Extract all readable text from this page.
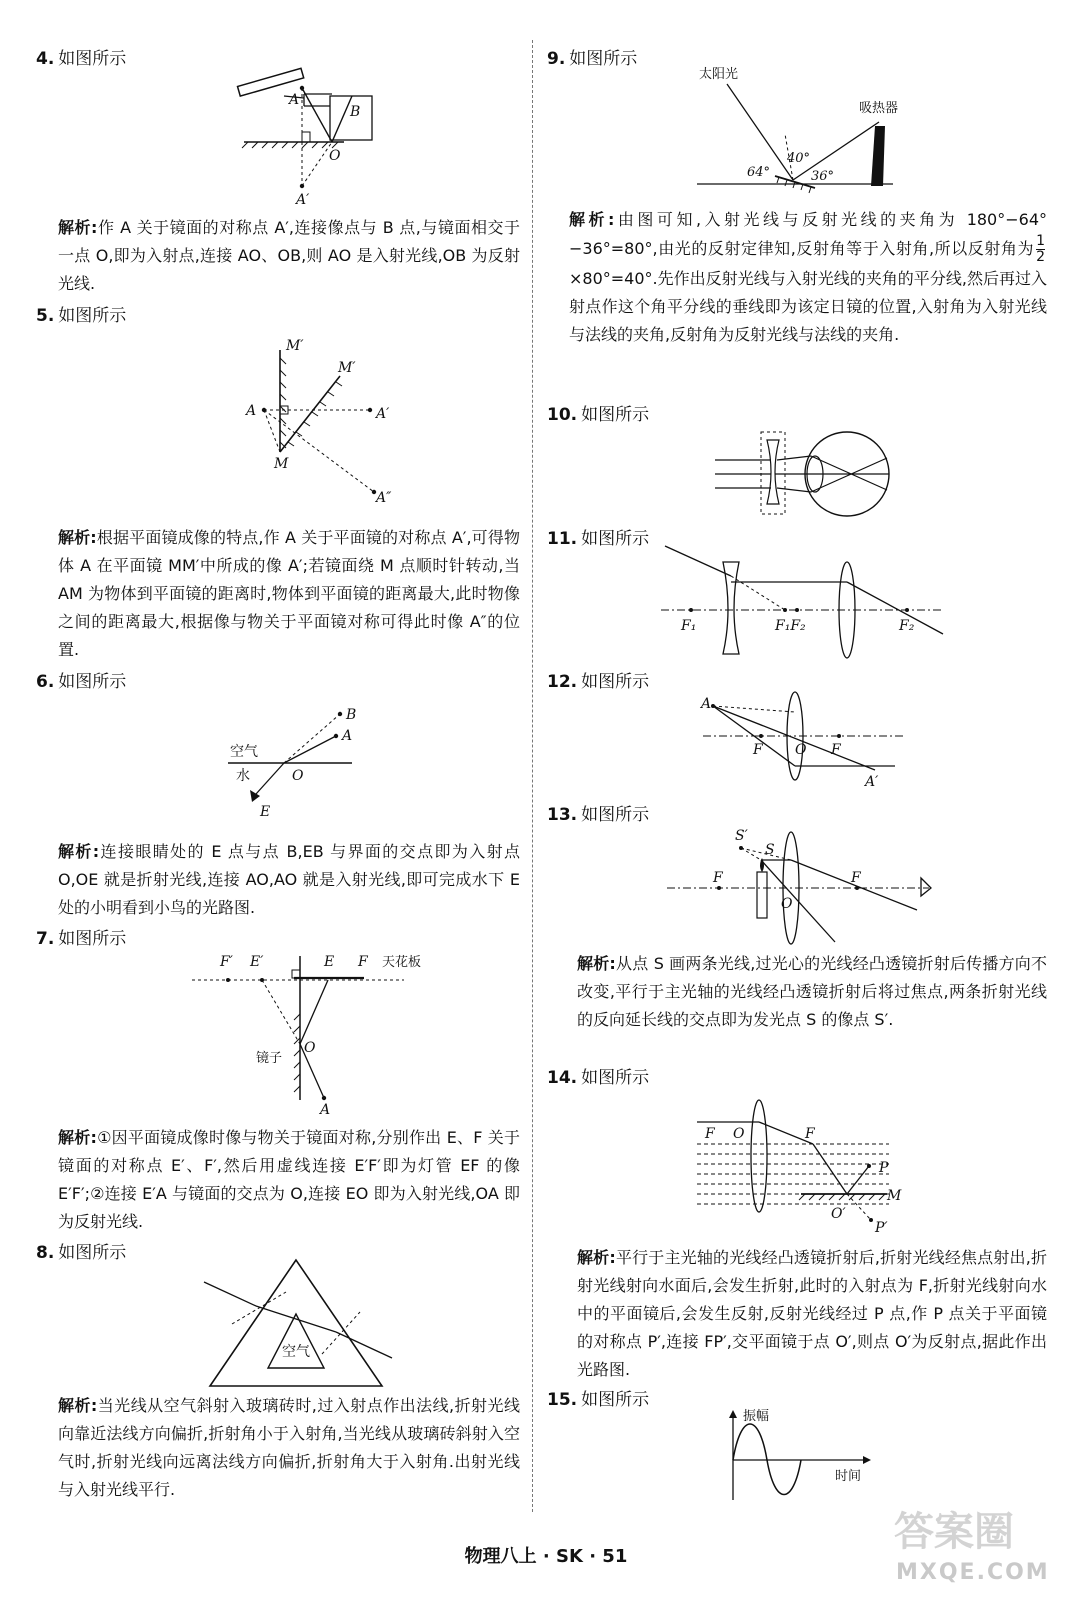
4. 如图所示
A
B
O
A′
解析:作 A 关于镜面的对称点 A′,连接像点与 B 点,与镜面相交于一点 O,即为入射点,连接 AO、OB,则 AO 是入射光线,OB 为反射光线.
5. 如图所示
M′
M′
A	A′
M
A″
解析:根据平面镜成像的特点,作 A 关于平面镜的对称点 A′,可得物体 A 在平面镜 MM′中所成的像 A′;若镜面绕 M 点顺时针转动,当 AM 为物体到平面镜的距离时,物体到平面镜的距离最大,此时物像之间的距离最大,根据像与物关于平面镜对称可得此时像 A″的位置.
6. 如图所示
B
A
空气
水	O
E
解析:连接眼睛处的 E 点与点 B,EB 与界面的交点即为入射点 O,OE 就是折射光线,连接 AO,AO 就是入射光线,即可完成水下 E 处的小明看到小鸟的光路图.
7. 如图所示
F′ E′	E F 天花板
镜子
O
A
解析:①因平面镜成像时像与物关于镜面对称,分别作出 E、F 关于镜面的对称点 E′、F′,然后用虚线连接 E′F′即为灯管 EF 的像 E′F′;②连接 E′A 与镜面的交点为 O,连接 EO 即为入射光线,OA 即为反射光线.
8. 如图所示
空气
解析:当光线从空气斜射入玻璃砖时,过入射点作出法线,折射光线向靠近法线方向偏折,折射角小于入射角,当光线从玻璃砖斜射入空气时,折射光线向远离法线方向偏折,折射角大于入射角.出射光线与入射光线平行.
9. 如图所示
太阳光
吸热器
64°
40°
36°
解析:由图可知,入射光线与反射光线的夹角为 180°−64°−36°=80°,由光的反射定律知,反射角等于入射角,所以反射角为 $\frac{1}{2}$
×80°=40°.先作出反射光线与入射光线的夹角的平分线,然后再过入射点作这个角平分线的垂线即为该定日镜的位置,入射角为入射光线与法线的夹角,反射角为反射光线与法线的夹角.
10. 如图所示
11. 如图所示
F₁	F₁F₂	F₂
12. 如图所示
A
F O F
A′
13. 如图所示
S′
S
F	F
O
解析:从点 S 画两条光线,过光心的光线经凸透镜折射后传播方向不改变,平行于主光轴的光线经凸透镜折射后将过焦点,两条折射光线的反向延长线的交点即为发光点 S 的像点 S′.
14. 如图所示
F O	F
P
M
O′
P′
解析:平行于主光轴的光线经凸透镜折射后,折射光线经焦点射出,折射光线射向水面后,会发生折射,此时的入射点为 F,折射光线射向水中的平面镜后,会发生反射,反射光线经过 P 点,作 P 点关于平面镜的对称点 P′,连接 FP′,交平面镜于点 O′,则点 O′为反射点,据此作出光路图.
15. 如图所示
振幅
时间
物理八上 · SK · 51
答案圈
MXQE.COM
